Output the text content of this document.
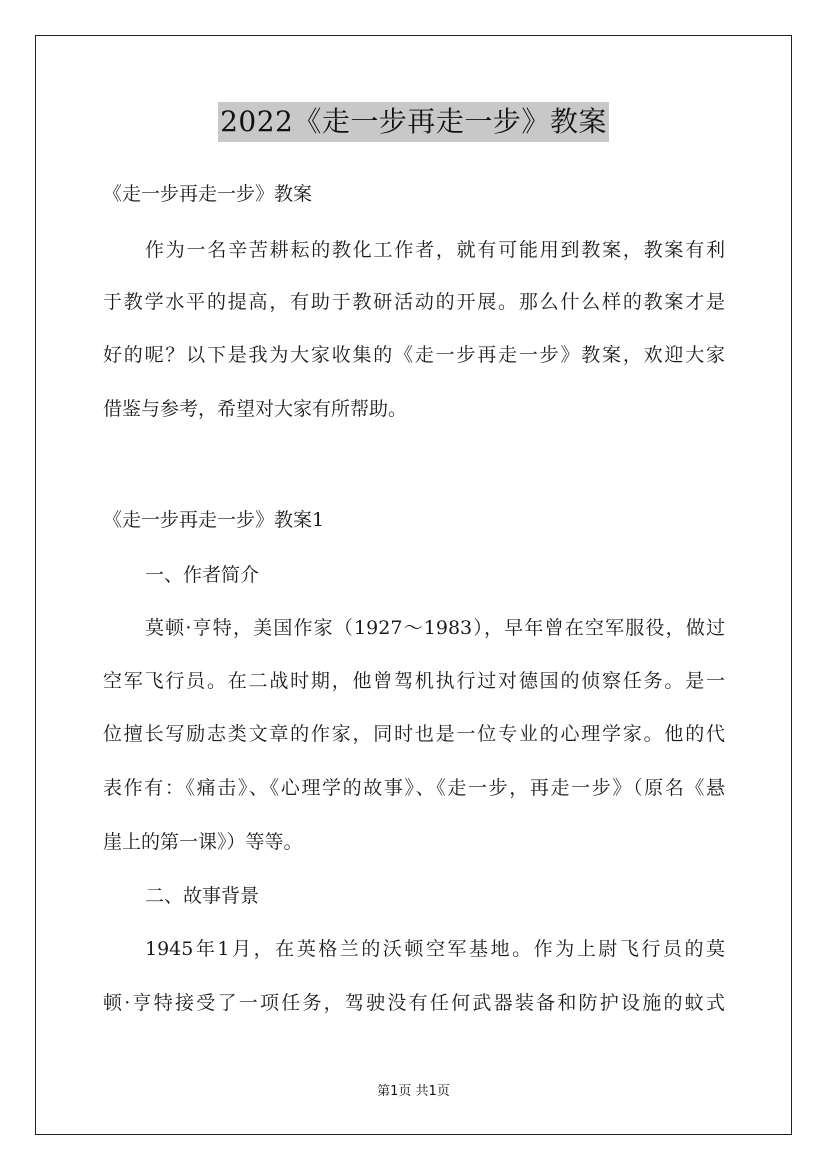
2022《走一步再走一步》教案
《走一步再走一步》教案
作为一名辛苦耕耘的教化工作者，就有可能用到教案，教案有利
于教学水平的提高，有助于教研活动的开展。那么什么样的教案才是
好的呢？以下是我为大家收集的《走一步再走一步》教案，欢迎大家
借鉴与参考，希望对大家有所帮助。
《走一步再走一步》教案1
一、作者简介
莫顿·亨特，美国作家（1927～1983），早年曾在空军服役，做过
空军飞行员。在二战时期，他曾驾机执行过对德国的侦察任务。是一
位擅长写励志类文章的作家，同时也是一位专业的心理学家。他的代
表作有：《痛击》、《心理学的故事》、《走一步，再走一步》（原名《悬
崖上的第一课》）等等。
二、故事背景
1945年1月，在英格兰的沃顿空军基地。作为上尉飞行员的莫
顿·亨特接受了一项任务，驾驶没有任何武器装备和防护设施的蚊式
第1页 共1页
